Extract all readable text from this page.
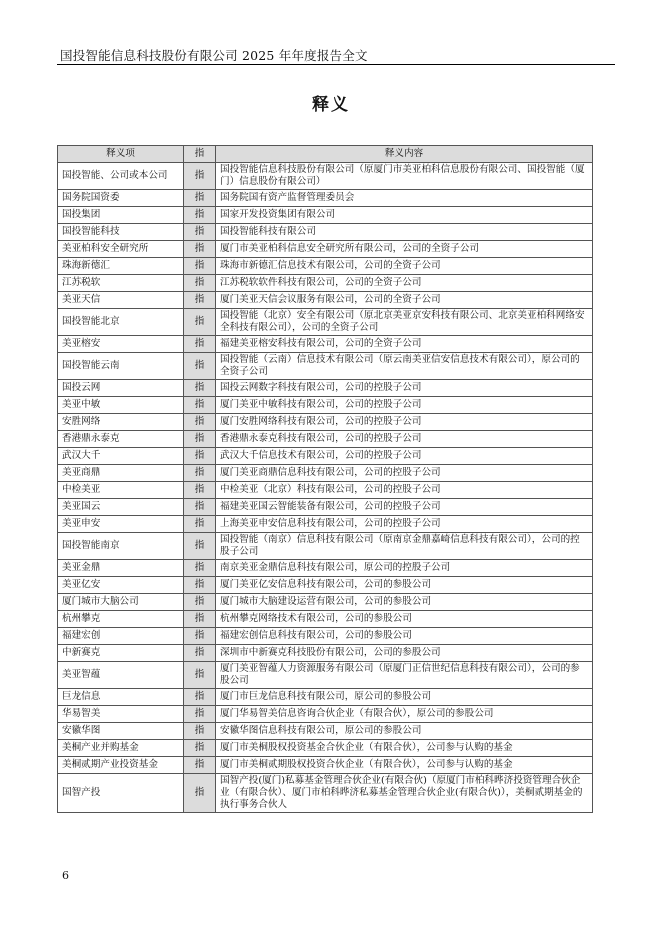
国投智能信息科技股份有限公司 2025 年年度报告全文
释义
释义项	指	释义内容
国投智能、公司或本公司	指	国投智能信息科技股份有限公司（原厦门市美亚柏科信息股份有限公司、国投智能（厦门）信息股份有限公司）
国务院国资委	指	国务院国有资产监督管理委员会
国投集团	指	国家开发投资集团有限公司
国投智能科技	指	国投智能科技有限公司
美亚柏科安全研究所	指	厦门市美亚柏科信息安全研究所有限公司，公司的全资子公司
珠海新德汇	指	珠海市新德汇信息技术有限公司，公司的全资子公司
江苏税软	指	江苏税软软件科技有限公司，公司的全资子公司
美亚天信	指	厦门美亚天信会议服务有限公司，公司的全资子公司
国投智能北京	指	国投智能（北京）安全有限公司（原北京美亚京安科技有限公司、北京美亚柏科网络安全科技有限公司），公司的全资子公司
美亚榕安	指	福建美亚榕安科技有限公司，公司的全资子公司
国投智能云南	指	国投智能（云南）信息技术有限公司（原云南美亚信安信息技术有限公司），原公司的全资子公司
国投云网	指	国投云网数字科技有限公司，公司的控股子公司
美亚中敏	指	厦门美亚中敏科技有限公司，公司的控股子公司
安胜网络	指	厦门安胜网络科技有限公司，公司的控股子公司
香港鼎永泰克	指	香港鼎永泰克科技有限公司，公司的控股子公司
武汉大千	指	武汉大千信息技术有限公司，公司的控股子公司
美亚商鼎	指	厦门美亚商鼎信息科技有限公司，公司的控股子公司
中检美亚	指	中检美亚（北京）科技有限公司，公司的控股子公司
美亚国云	指	福建美亚国云智能装备有限公司，公司的控股子公司
美亚申安	指	上海美亚申安信息科技有限公司，公司的控股子公司
国投智能南京	指	国投智能（南京）信息科技有限公司（原南京金鼎嘉崎信息科技有限公司），公司的控股子公司
美亚金鼎	指	南京美亚金鼎信息科技有限公司，原公司的控股子公司
美亚亿安	指	厦门美亚亿安信息科技有限公司，公司的参股公司
厦门城市大脑公司	指	厦门城市大脑建设运营有限公司，公司的参股公司
杭州攀克	指	杭州攀克网络技术有限公司，公司的参股公司
福建宏创	指	福建宏创信息科技有限公司，公司的参股公司
中新赛克	指	深圳市中新赛克科技股份有限公司，公司的参股公司
美亚智蕴	指	厦门美亚智蕴人力资源服务有限公司（原厦门正信世纪信息科技有限公司），公司的参股公司
巨龙信息	指	厦门市巨龙信息科技有限公司，原公司的参股公司
华易智美	指	厦门华易智美信息咨询合伙企业（有限合伙），原公司的参股公司
安徽华图	指	安徽华图信息科技有限公司，原公司的参股公司
美桐产业并购基金	指	厦门市美桐股权投资基金合伙企业（有限合伙），公司参与认购的基金
美桐贰期产业投资基金	指	厦门市美桐贰期股权投资合伙企业（有限合伙），公司参与认购的基金
国智产投	指	国智产投(厦门)私募基金管理合伙企业(有限合伙)（原厦门市柏科晔济投资管理合伙企业（有限合伙）、厦门市柏科晔济私募基金管理合伙企业(有限合伙)），美桐贰期基金的执行事务合伙人
6
